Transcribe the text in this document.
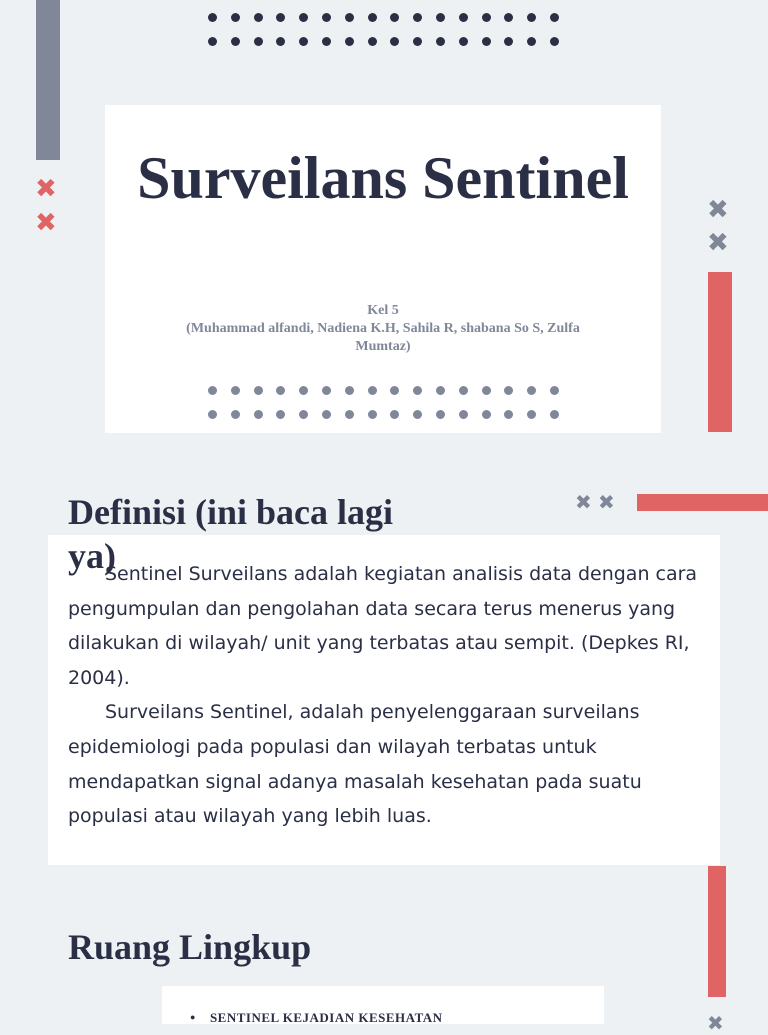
✖
✖	✖
✖
Surveilans Sentinel
Kel 5
(Muhammad alfandi, Nadiena K.H, Sahila R, shabana So S, Zulfa Mumtaz)
✖ ✖
Definisi (ini baca lagi ya)

Sentinel Surveilans adalah kegiatan analisis data dengan cara pengumpulan dan pengolahan data secara terus menerus yang dilakukan di wilayah/ unit yang terbatas atau sempit. (Depkes RI, 2004).

Surveilans Sentinel, adalah penyelenggaraan surveilans epidemiologi pada populasi dan wilayah terbatas untuk mendapatkan signal adanya masalah kesehatan pada suatu populasi atau wilayah yang lebih luas.

✖
Ruang Lingkup
● SENTINEL KEJADIAN KESEHATAN
